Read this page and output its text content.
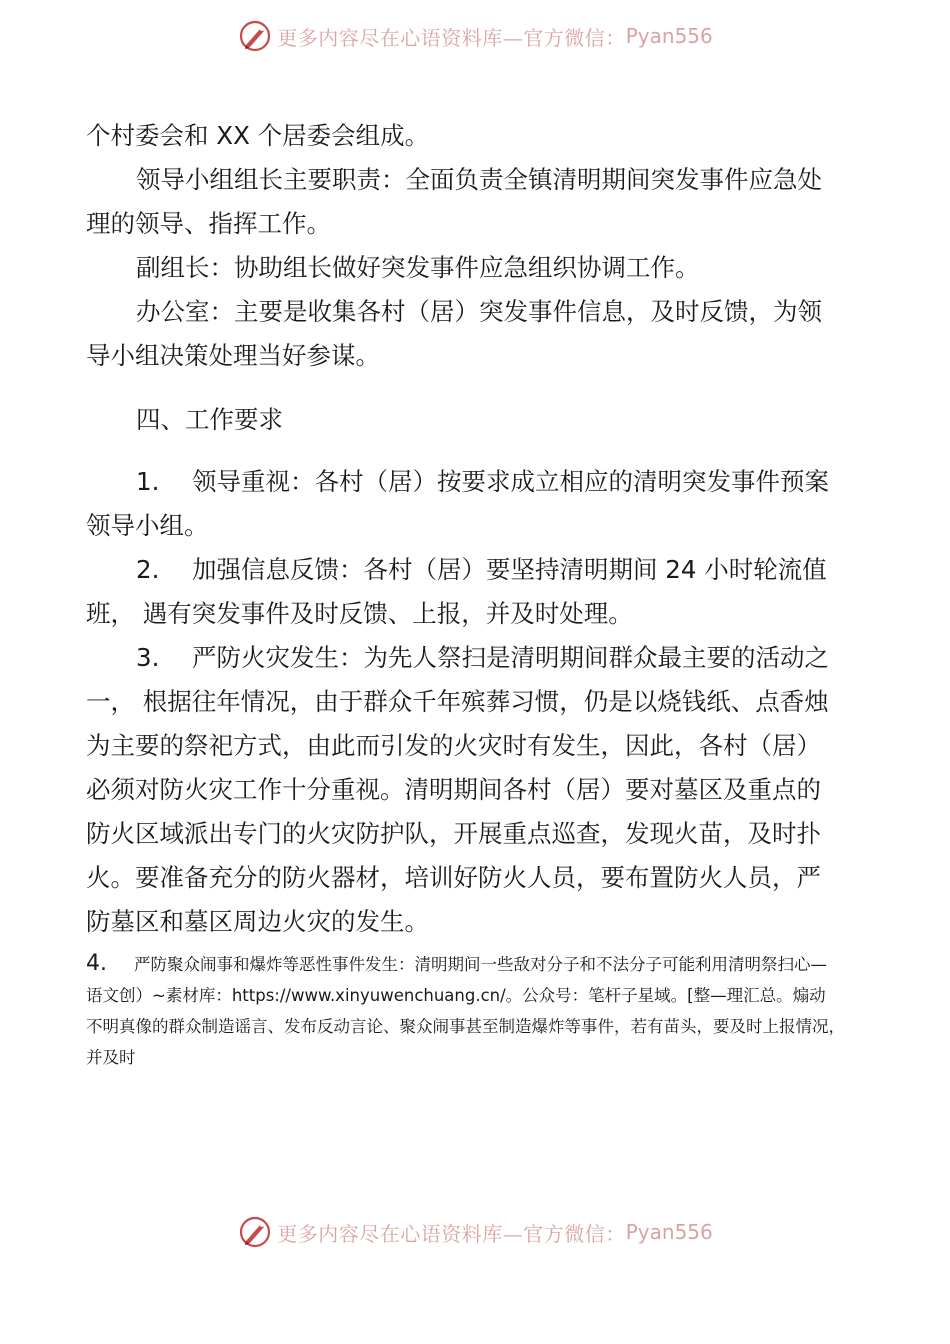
更多内容尽在心语资料库—官方微信： Pyan556

个村委会和 XX 个居委会组成。

领导小组组长主要职责：全面负责全镇清明期间突发事件应急处

理的领导、指挥工作。

副组长：协助组长做好突发事件应急组织协调工作。

办公室：主要是收集各村（居）突发事件信息，及时反馈，为领

导小组决策处理当好参谋。

四、工作要求

1. 领导重视：各村（居）按要求成立相应的清明突发事件预案

领导小组。

2. 加强信息反馈：各村（居）要坚持清明期间 24 小时轮流值

班， 遇有突发事件及时反馈、上报，并及时处理。

3. 严防火灾发生：为先人祭扫是清明期间群众最主要的活动之

一， 根据往年情况，由于群众千年殡葬习惯，仍是以烧钱纸、点香烛

为主要的祭祀方式，由此而引发的火灾时有发生，因此，各村（居）

必须对防火灾工作十分重视。清明期间各村（居）要对墓区及重点的

防火区域派出专门的火灾防护队，开展重点巡查，发现火苗，及时扑

火。要准备充分的防火器材，培训好防火人员，要布置防火人员，严

防墓区和墓区周边火灾的发生。

4. 严防聚众闹事和爆炸等恶性事件发生：清明期间一些敌对分子和不法分子可能利用清明祭扫心—

语文创）~素材库：https://www.xinyuwenchuang.cn/。公众号：笔杆子星域。[整—理汇总。煽动

不明真像的群众制造谣言、发布反动言论、聚众闹事甚至制造爆炸等事件，若有苗头，要及时上报情况，

并及时

更多内容尽在心语资料库—官方微信： Pyan556
